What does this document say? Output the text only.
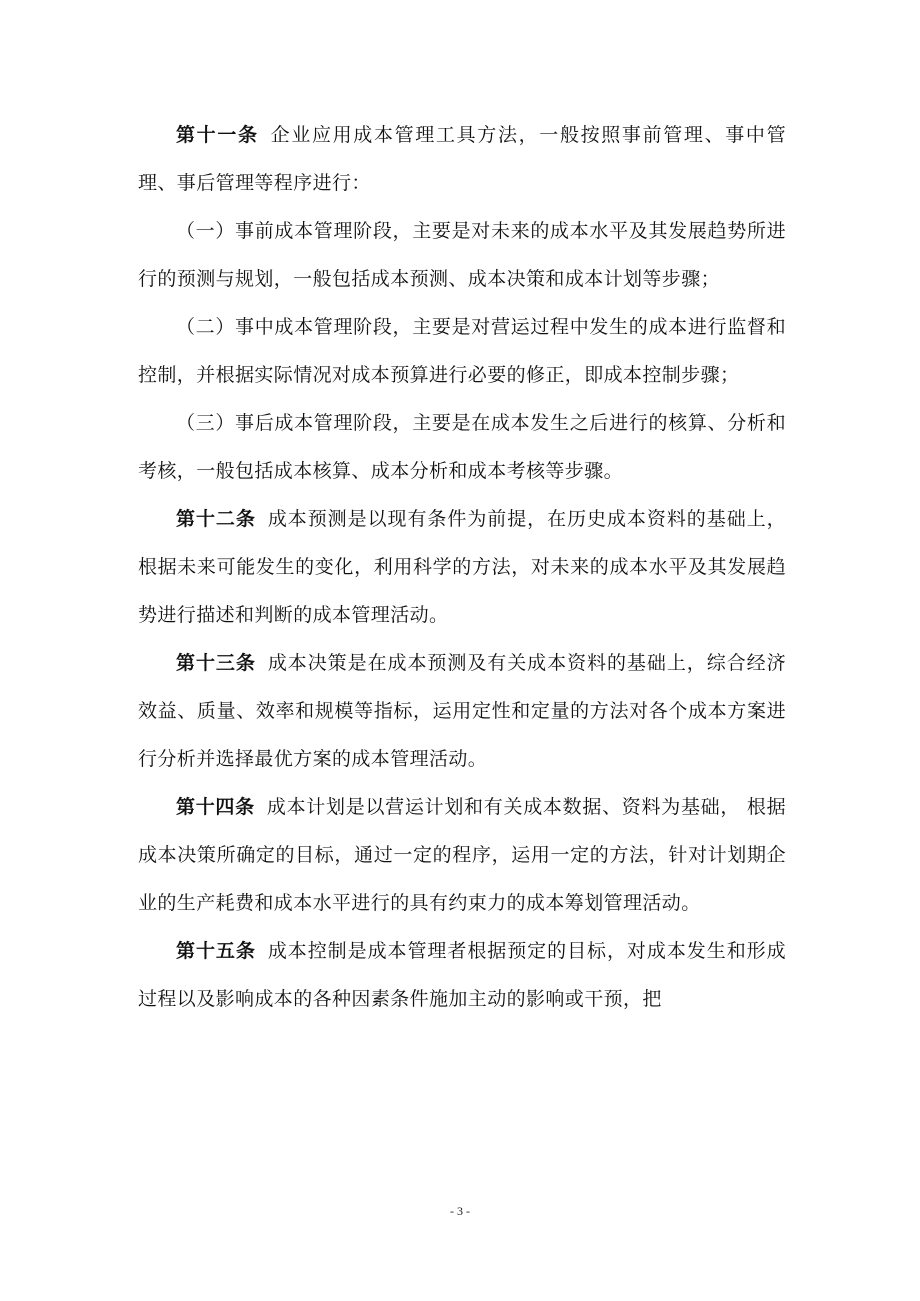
第十一条 企业应用成本管理工具方法，一般按照事前管理、事中管理、事后管理等程序进行：

（一）事前成本管理阶段，主要是对未来的成本水平及其发展趋势所进行的预测与规划，一般包括成本预测、成本决策和成本计划等步骤；

（二）事中成本管理阶段，主要是对营运过程中发生的成本进行监督和控制，并根据实际情况对成本预算进行必要的修正，即成本控制步骤；

（三）事后成本管理阶段，主要是在成本发生之后进行的核算、分析和考核，一般包括成本核算、成本分析和成本考核等步骤。

第十二条 成本预测是以现有条件为前提，在历史成本资料的基础上，根据未来可能发生的变化，利用科学的方法，对未来的成本水平及其发展趋势进行描述和判断的成本管理活动。

第十三条 成本决策是在成本预测及有关成本资料的基础上，综合经济效益、质量、效率和规模等指标，运用定性和定量的方法对各个成本方案进行分析并选择最优方案的成本管理活动。

第十四条 成本计划是以营运计划和有关成本数据、资料为基础， 根据成本决策所确定的目标，通过一定的程序，运用一定的方法，针对计划期企业的生产耗费和成本水平进行的具有约束力的成本筹划管理活动。

第十五条 成本控制是成本管理者根据预定的目标，对成本发生和形成过程以及影响成本的各种因素条件施加主动的影响或干预，把

- 3 -
